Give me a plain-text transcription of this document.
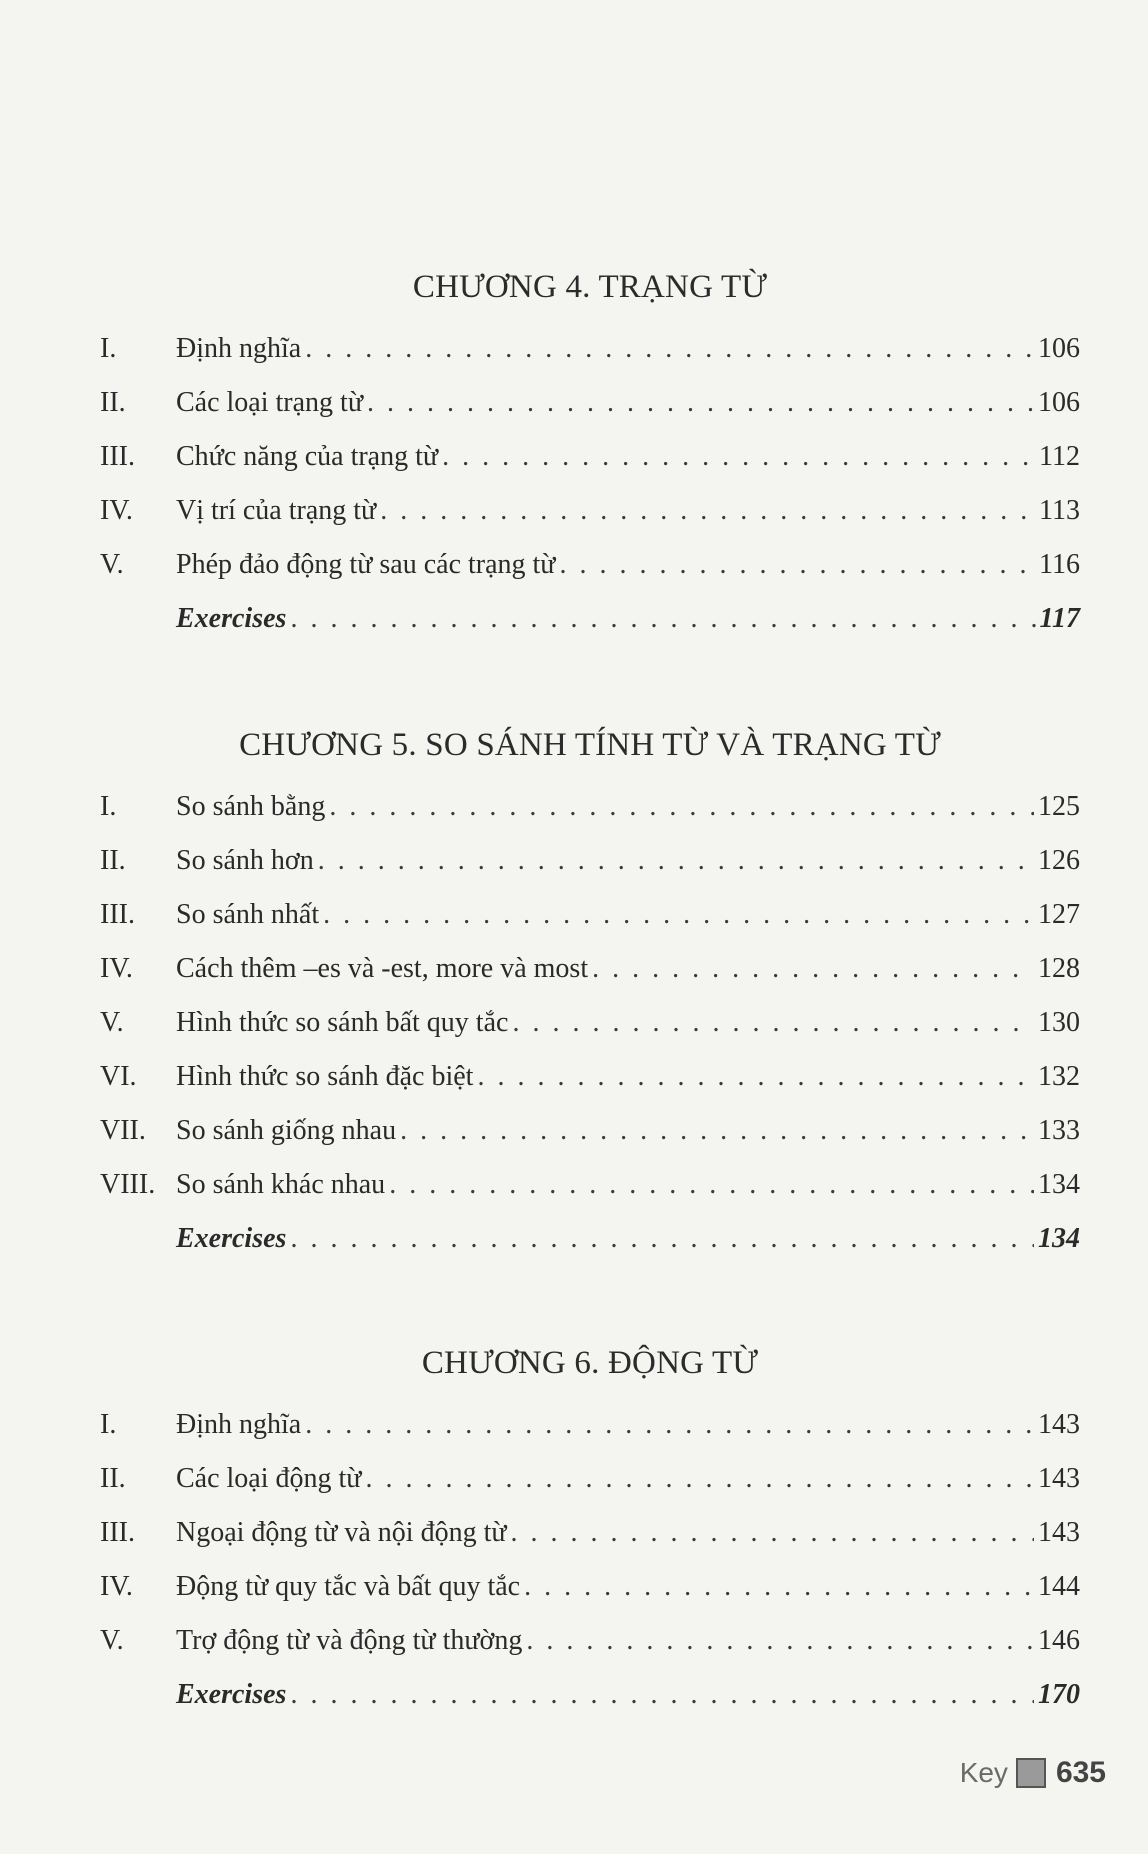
CHƯƠNG 4. TRẠNG TỪ
I.	Định nghĩa . . .	106
II.	Các loại trạng từ . . .	106
III.	Chức năng của trạng từ . . .	112
IV.	Vị trí của trạng từ . . .	113
V.	Phép đảo động từ sau các trạng từ . . .	116
Exercises . . .	117
CHƯƠNG 5. SO SÁNH TÍNH TỪ VÀ TRẠNG TỪ
I.	So sánh bằng . . .	125
II.	So sánh hơn . . .	126
III.	So sánh nhất . . .	127
IV.	Cách thêm –es và -est, more và most . . .	128
V.	Hình thức so sánh bất quy tắc . . .	130
VI.	Hình thức so sánh đặc biệt . . .	132
VII.	So sánh giống nhau . . .	133
VIII. So sánh khác nhau . . .	134
Exercises . . .	134
CHƯƠNG 6. ĐỘNG TỪ
I.	Định nghĩa . . .	143
II.	Các loại động từ . . .	143
III.	Ngoại động từ và nội động từ . . .	143
IV.	Động từ quy tắc và bất quy tắc . . .	144
V.	Trợ động từ và động từ thường . . .	146
Exercises . . .	170
Key 635
